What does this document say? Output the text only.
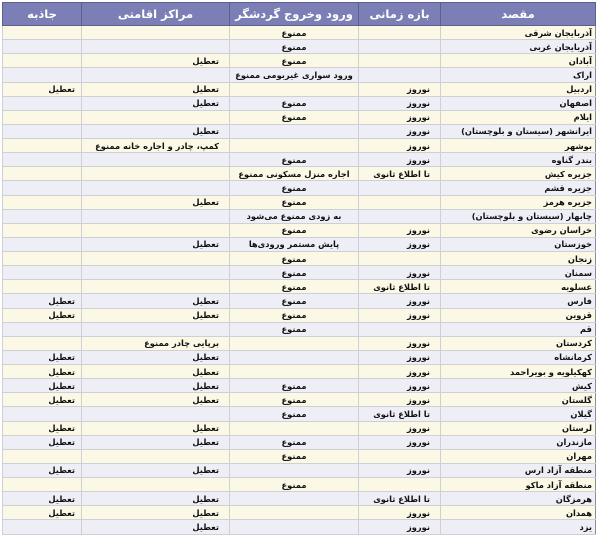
مقصد	بازه زمانی	ورود وخروج گردشگر	مراکز اقامتی	جاذبه
آذربایجان شرقی		ممنوع		
آذربایجان غربی		ممنوع		
آبادان		ممنوع	تعطیل	
اراک		ورود سواری غیربومی ممنوع		
اردبیل	نوروز		تعطیل	تعطیل
اصفهان	نوروز	ممنوع	تعطیل	
ایلام	نوروز	ممنوع		
ایرانشهر (سیستان و بلوچستان)	نوروز		تعطیل	
بوشهر	نوروز		کمپ، چادر و اجاره خانه ممنوع	
بندر گناوه	نوروز	ممنوع		
جزیره کیش	تا اطلاع ثانوی	اجاره منزل مسکونی ممنوع		
جزیره قشم		ممنوع		
جزیره هرمز		ممنوع	تعطیل	
چابهار (سیستان و بلوچستان)		به زودی ممنوع می‌شود		
خراسان رضوی	نوروز	ممنوع		
خوزستان	نوروز	پایش مستمر ورودی‌ها	تعطیل	
زنجان		ممنوع		
سمنان	نوروز	ممنوع		
عسلویه	تا اطلاع ثانوی	ممنوع		
فارس	نوروز	ممنوع	تعطیل	تعطیل
قزوین	نوروز	ممنوع	تعطیل	تعطیل
قم		ممنوع		
کردستان	نوروز		برپایی چادر ممنوع	
کرمانشاه	نوروز		تعطیل	تعطیل
کهکیلویه و بویراحمد	نوروز		تعطیل	تعطیل
کیش	نوروز	ممنوع	تعطیل	تعطیل
گلستان	نوروز	ممنوع	تعطیل	تعطیل
گیلان	تا اطلاع ثانوی	ممنوع		
لرستان	نوروز		تعطیل	تعطیل
مازندران	نوروز	ممنوع	تعطیل	تعطیل
مهران		ممنوع		
منطقه آزاد ارس	نوروز		تعطیل	تعطیل
منطقه آزاد ماکو		ممنوع		
هرمزگان	تا اطلاع ثانوی		تعطیل	تعطیل
همدان	نوروز		تعطیل	تعطیل
یزد	نوروز		تعطیل	
